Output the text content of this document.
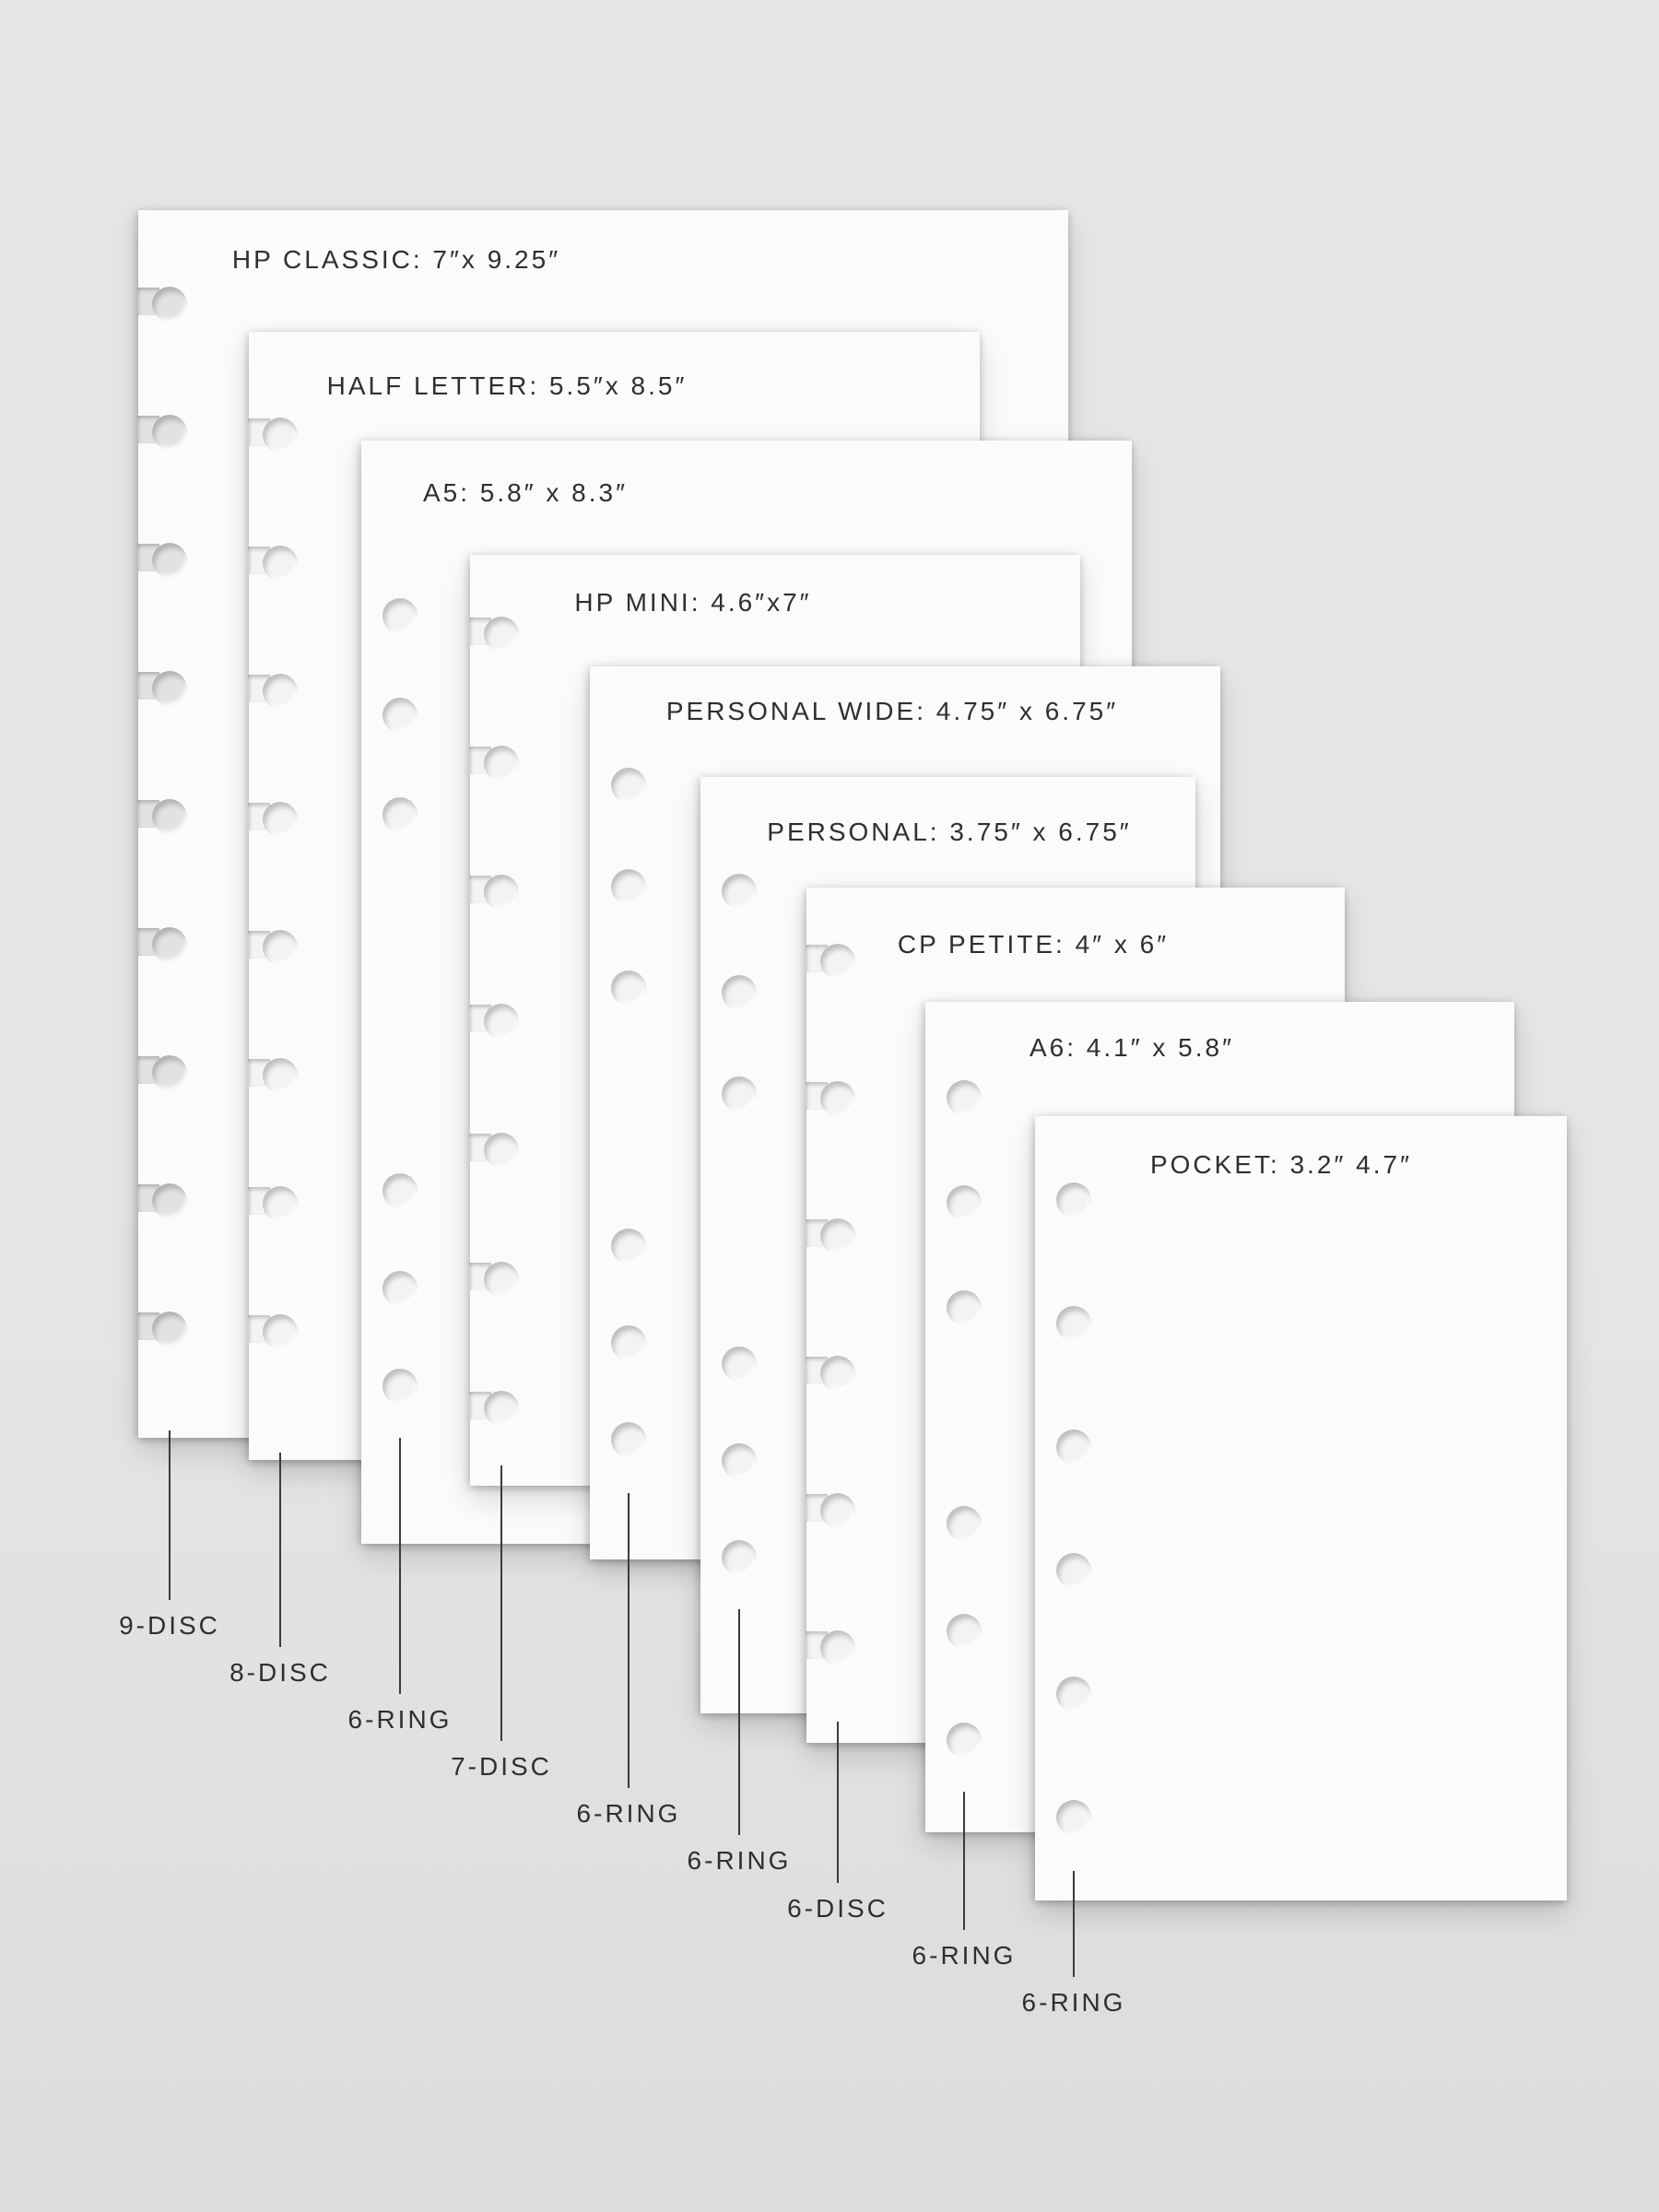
HP CLASSIC: 7″x 9.25″
HALF LETTER: 5.5″x 8.5″
A5: 5.8″ x 8.3″
HP MINI: 4.6″x7″
PERSONAL WIDE: 4.75″ x 6.75″
PERSONAL: 3.75″ x 6.75″
CP PETITE: 4″ x 6″
A6: 4.1″ x 5.8″
POCKET: 3.2″ 4.7″
9-DISC
8-DISC
6-RING
7-DISC
6-RING
6-RING
6-DISC
6-RING
6-RING
